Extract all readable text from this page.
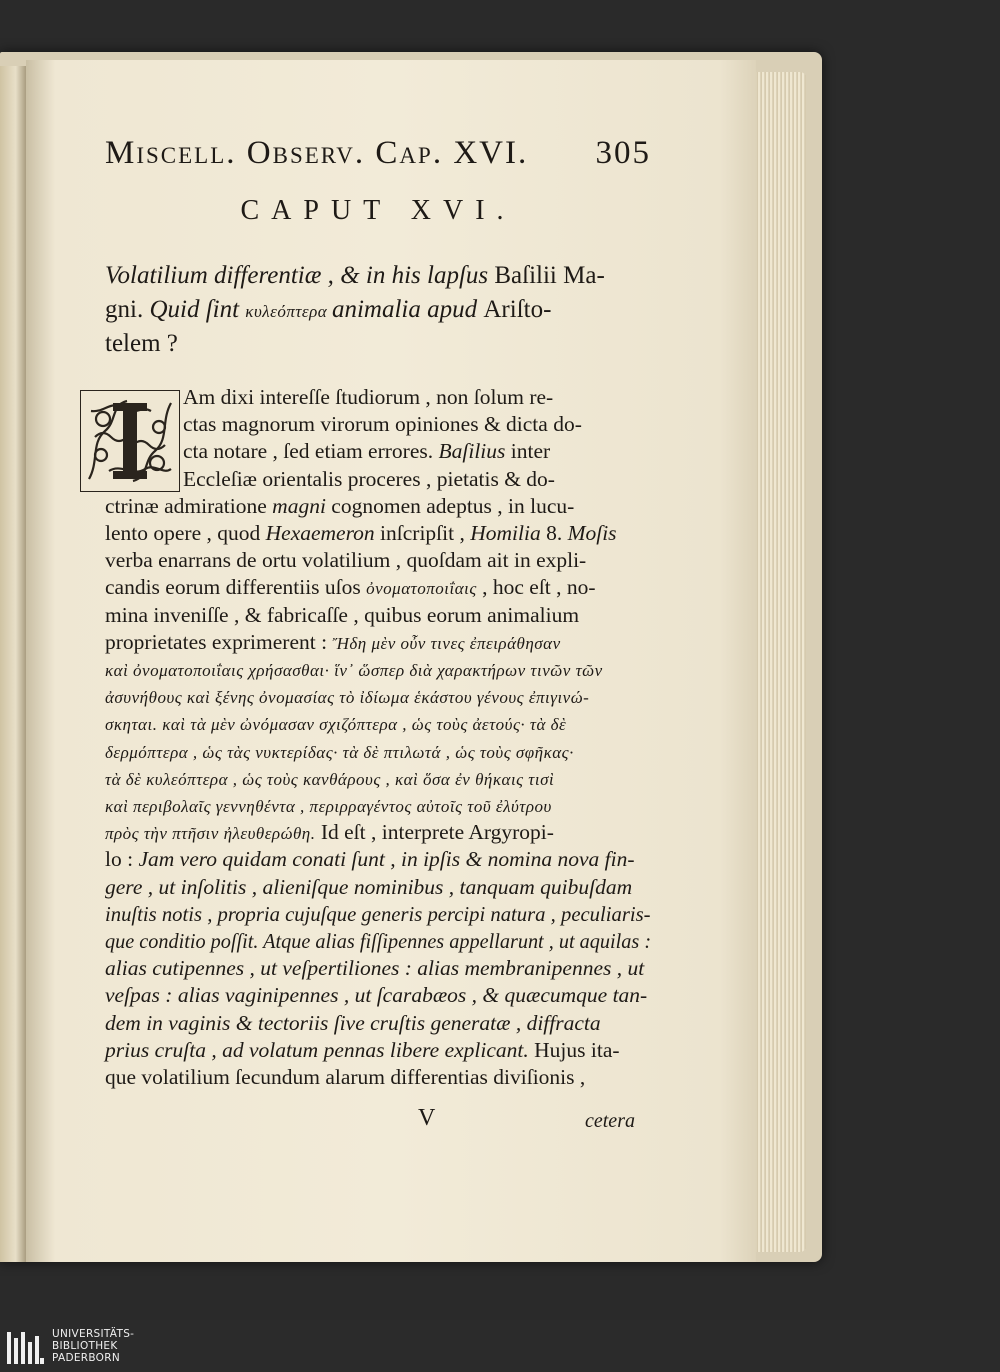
Miscell. Observ. Cap. XVI. 305
CAPUT XVI.
Volatilium differentiæ , & in his lapſus Baſilii Ma-
gni. Quid ſint κυλεόπτερα animalia apud Ariſto-
telem ?
Am dixi intereſſe ſtudiorum , non ſolum re-
ctas magnorum virorum opiniones & dicta do-
cta notare , ſed etiam errores. Baſilius inter
Eccleſiæ orientalis proceres , pietatis & do-
ctrinæ admiratione magni cognomen adeptus , in lucu-
lento opere , quod Hexaemeron inſcripſit , Homilia 8. Moſis
verba enarrans de ortu volatilium , quoſdam ait in expli-
candis eorum differentiis uſos ὀνοματοποιΐαις , hoc eſt , no-
mina inveniſſe , & fabricaſſe , quibus eorum animalium
proprietates exprimerent : Ἤδη μὲν οὖν τινες ἐπειράθησαν
καὶ ὀνοματοποιΐαις χρήσασθαι· ἵν᾽ ὥσπερ διὰ χαρακτήρων τινῶν τῶν
ἀσυνήθους καὶ ξένης ὀνομασίας τὸ ἰδίωμα ἑκάστου γένους ἐπιγινώ-
σκηται. καὶ τὰ μὲν ὠνόμασαν σχιζόπτερα , ὡς τοὺς ἀετούς· τὰ δὲ
δερμόπτερα , ὡς τὰς νυκτερίδας· τὰ δὲ πτιλωτά , ὡς τοὺς σφῆκας·
τὰ δὲ κυλεόπτερα , ὡς τοὺς κανθάρους , καὶ ὅσα ἐν θήκαις τισὶ
καὶ περιβολαῖς γεννηθέντα , περιρραγέντος αὐτοῖς τοῦ ἐλύτρου
πρὸς τὴν πτῆσιν ἠλευθερώθη. Id eſt , interprete Argyropi-
lo : Jam vero quidam conati ſunt , in ipſis & nomina nova fin-
gere , ut inſolitis , alieniſque nominibus , tanquam quibuſdam
inuſtis notis , propria cujuſque generis percipi natura , peculiaris-
que conditio poſſit. Atque alias fiſſipennes appellarunt , ut aquilas :
alias cutipennes , ut veſpertiliones : alias membranipennes , ut
veſpas : alias vaginipennes , ut ſcarabæos , & quæcumque tan-
dem in vaginis & tectoriis ſive cruſtis generatæ , diffracta
prius cruſta , ad volatum pennas libere explicant. Hujus ita-
que volatilium ſecundum alarum differentias diviſionis ,
V	cetera
UNIVERSITÄTS-
BIBLIOTHEK
PADERBORN
